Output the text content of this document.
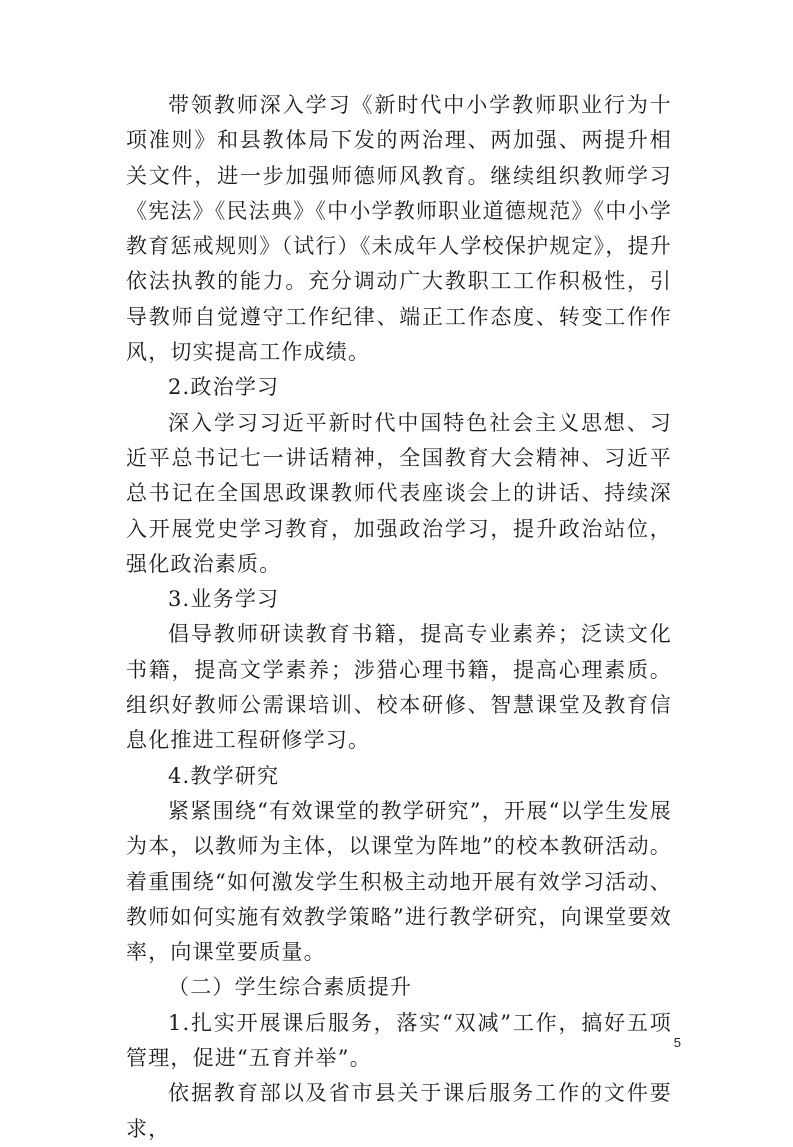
带领教师深入学习《新时代中小学教师职业行为十项准则》和县教体局下发的两治理、两加强、两提升相关文件，进一步加强师德师风教育。继续组织教师学习《宪法》《民法典》《中小学教师职业道德规范》《中小学教育惩戒规则》（试行）《未成年人学校保护规定》，提升依法执教的能力。充分调动广大教职工工作积极性，引导教师自觉遵守工作纪律、端正工作态度、转变工作作风，切实提高工作成绩。

2.政治学习

深入学习习近平新时代中国特色社会主义思想、习近平总书记七一讲话精神，全国教育大会精神、习近平总书记在全国思政课教师代表座谈会上的讲话、持续深入开展党史学习教育，加强政治学习，提升政治站位，强化政治素质。

3.业务学习

倡导教师研读教育书籍，提高专业素养；泛读文化书籍，提高文学素养；涉猎心理书籍，提高心理素质。组织好教师公需课培训、校本研修、智慧课堂及教育信息化推进工程研修学习。

4.教学研究

紧紧围绕“有效课堂的教学研究”，开展“以学生发展为本，以教师为主体，以课堂为阵地”的校本教研活动。着重围绕“如何激发学生积极主动地开展有效学习活动、教师如何实施有效教学策略”进行教学研究，向课堂要效率，向课堂要质量。

（二）学生综合素质提升

1.扎实开展课后服务，落实“双减”工作，搞好五项管理，促进“五育并举”。

依据教育部以及省市县关于课后服务工作的文件要求，

5
